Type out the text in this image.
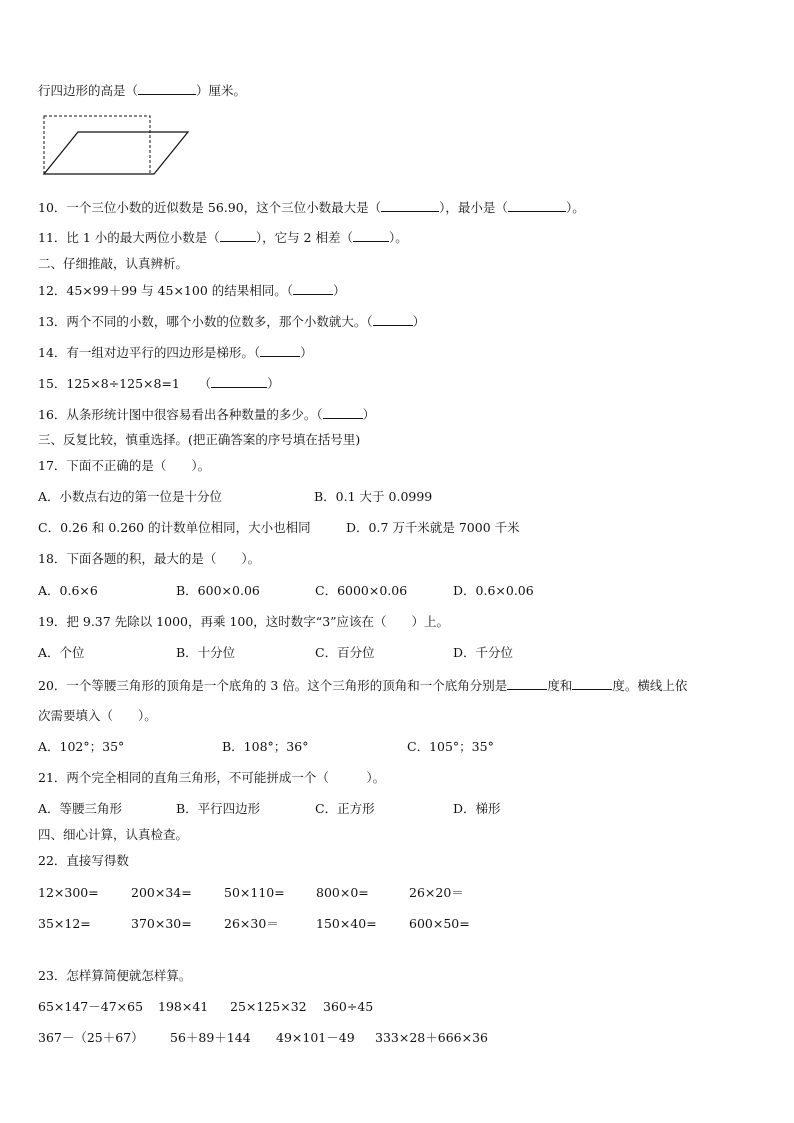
行四边形的高是（	）厘米。
10．一个三位小数的近似数是 56.90，这个三位小数最大是（	），最小是（	）。
11．比 1 小的最大两位小数是（	），它与 2 相差（	）。
二、仔细推敲，认真辨析。
12．45×99＋99 与 45×100 的结果相同。（	）
13．两个不同的小数，哪个小数的位数多，那个小数就大。（	）
14．有一组对边平行的四边形是梯形。（	）
15．125×8÷125×8=1　　（	）
16．从条形统计图中很容易看出各种数量的多少。（	）
三、反复比较，慎重选择。(把正确答案的序号填在括号里)
17．下面不正确的是（　　）。
A．小数点右边的第一位是十分位	B．0.1 大于 0.0999
C．0.26 和 0.260 的计数单位相同，大小也相同	D．0.7 万千米就是 7000 千米
18．下面各题的积，最大的是（　　）。
A．0.6×6	B．600×0.06	C．6000×0.06	D．0.6×0.06
19．把 9.37 先除以 1000，再乘 100，这时数字“3”应该在（　　）上。
A．个位	B．十分位	C．百分位	D．千分位
20．一个等腰三角形的顶角是一个底角的 3 倍。这个三角形的顶角和一个底角分别是	度和	度。横线上依
次需要填入（　　）。
A．102°；35°	B．108°；36°	C．105°；35°
21．两个完全相同的直角三角形，不可能拼成一个（　　　）。
A．等腰三角形	B．平行四边形	C．正方形	D．梯形
四、细心计算，认真检查。
22．直接写得数
12×300=	200×34=	50×110=	800×0=	26×20＝
35×12=	370×30=	26×30＝	150×40=	600×50=
23．怎样算简便就怎样算。
65×147－47×65 198×41 25×125×32 360÷45
367－（25＋67） 56＋89＋144 49×101－49 333×28＋666×36
